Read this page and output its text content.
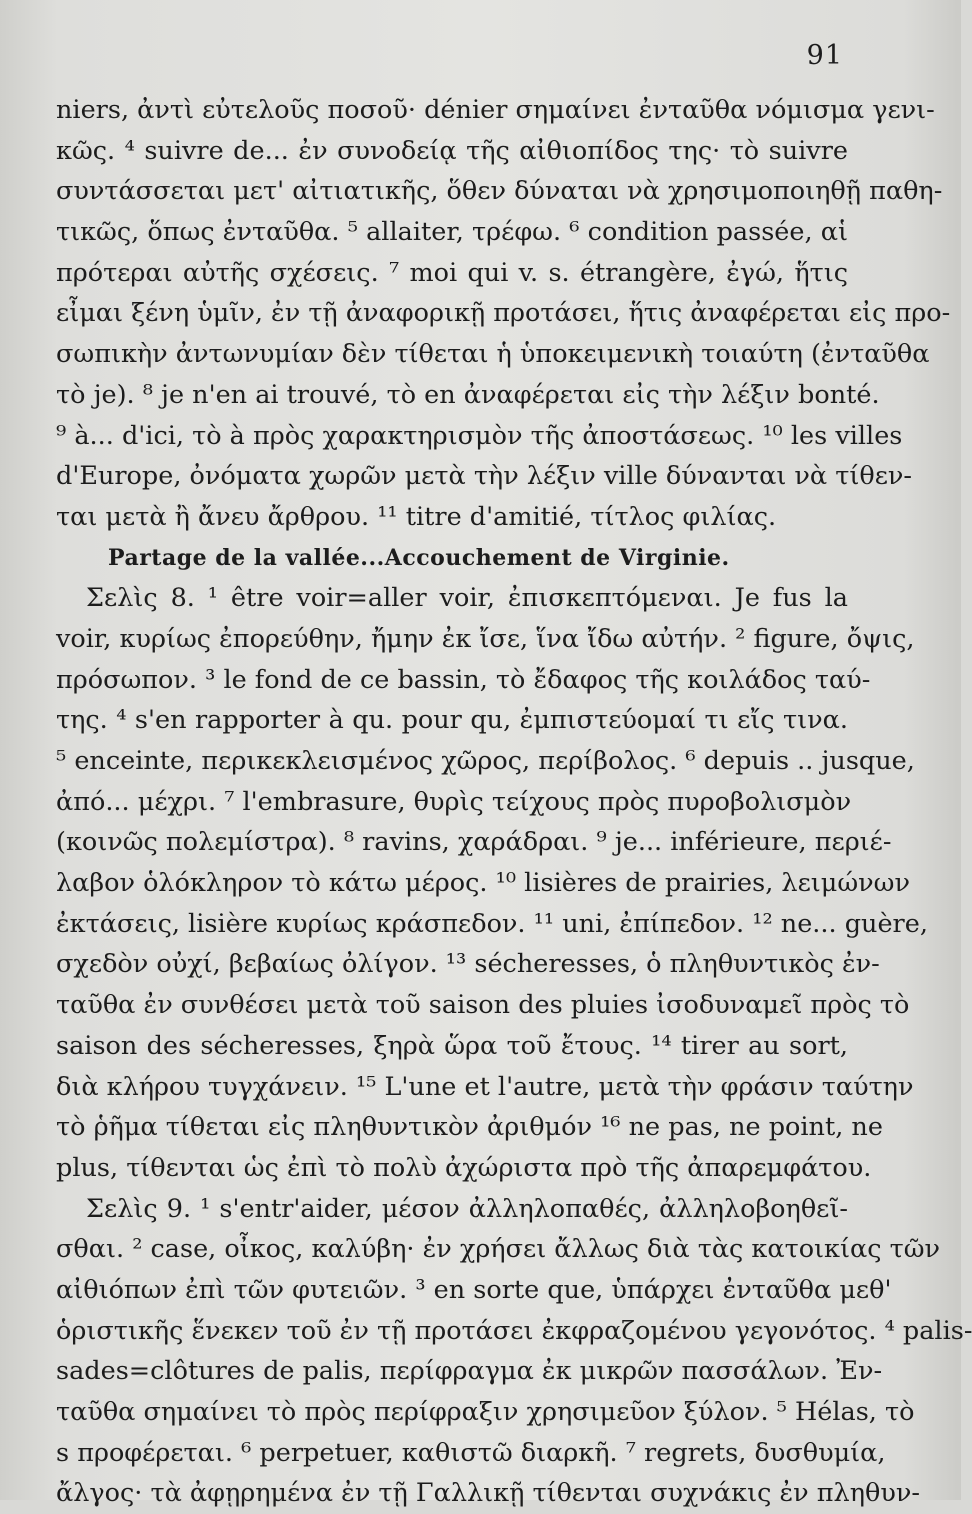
91
niers, ἀντὶ εὐτελοῦς ποσοῦ· dénier σημαίνει ἐνταῦθα νόμισμα γενι-
κῶς. ⁴ suivre de... ἐν συνοδείᾳ τῆς αἰθιοπίδος της· τὸ suivre
συντάσσεται μετ' αἰτιατικῆς, ὅθεν δύναται νὰ χρησιμοποιηθῇ παθη-
τικῶς, ὅπως ἐνταῦθα. ⁵ allaiter, τρέφω. ⁶ condition passée, αἱ
πρότεραι αὐτῆς σχέσεις. ⁷ moi qui v. s. étrangère, ἐγώ, ἥτις
εἶμαι ξένη ὑμῖν, ἐν τῇ ἀναφορικῇ προτάσει, ἥτις ἀναφέρεται εἰς προ-
σωπικὴν ἀντωνυμίαν δὲν τίθεται ἡ ὑποκειμενικὴ τοιαύτη (ἐνταῦθα
τὸ je). ⁸ je n'en ai trouvé, τὸ en ἀναφέρεται εἰς τὴν λέξιν bonté.
⁹ à... d'ici, τὸ à πρὸς χαρακτηρισμὸν τῆς ἀποστάσεως. ¹⁰ les villes
d'Europe, ὀνόματα χωρῶν μετὰ τὴν λέξιν ville δύνανται νὰ τίθεν-
ται μετὰ ἢ ἄνευ ἄρθρου. ¹¹ titre d'amitié, τίτλος φιλίας.
Partage de la vallée...Accouchement de Virginie.
Σελὶς 8. ¹ être voir=aller voir, ἐπισκεπτόμεναι. Je fus la
voir, κυρίως ἐπορεύθην, ἤμην ἐκ ἴσε, ἵνα ἴδω αὐτήν. ² figure, ὄψις,
πρόσωπον. ³ le fond de ce bassin, τὸ ἔδαφος τῆς κοιλάδος ταύ-
της. ⁴ s'en rapporter à qu. pour qu, ἐμπιστεύομαί τι εἴς τινα.
⁵ enceinte, περικεκλεισμένος χῶρος, περίβολος. ⁶ depuis .. jusque,
ἀπό... μέχρι. ⁷ l'embrasure, θυρὶς τείχους πρὸς πυροβολισμὸν
(κοινῶς πολεμίστρα). ⁸ ravins, χαράδραι. ⁹ je... inférieure, περιέ-
λαβον ὁλόκληρον τὸ κάτω μέρος. ¹⁰ lisières de prairies, λειμώνων
ἐκτάσεις, lisière κυρίως κράσπεδον. ¹¹ uni, ἐπίπεδον. ¹² ne... guère,
σχεδὸν οὐχί, βεβαίως ὀλίγον. ¹³ sécheresses, ὁ πληθυντικὸς ἐν-
ταῦθα ἐν συνθέσει μετὰ τοῦ saison des pluies ἰσοδυναμεῖ πρὸς τὸ
saison des sécheresses, ξηρὰ ὥρα τοῦ ἔτους. ¹⁴ tirer au sort,
διὰ κλήρου τυγχάνειν. ¹⁵ L'une et l'autre, μετὰ τὴν φράσιν ταύτην
τὸ ῥῆμα τίθεται εἰς πληθυντικὸν ἀριθμόν ¹⁶ ne pas, ne point, ne
plus, τίθενται ὡς ἐπὶ τὸ πολὺ ἀχώριστα πρὸ τῆς ἀπαρεμφάτου.
Σελὶς 9. ¹ s'entr'aider, μέσον ἀλληλοπαθές, ἀλληλοβοηθεῖ-
σθαι. ² case, οἶκος, καλύβη· ἐν χρήσει ἄλλως διὰ τὰς κατοικίας τῶν
αἰθιόπων ἐπὶ τῶν φυτειῶν. ³ en sorte que, ὑπάρχει ἐνταῦθα μεθ'
ὁριστικῆς ἕνεκεν τοῦ ἐν τῇ προτάσει ἐκφραζομένου γεγονότος. ⁴ palis-
sades=clôtures de palis, περίφραγμα ἐκ μικρῶν πασσάλων. Ἐν-
ταῦθα σημαίνει τὸ πρὸς περίφραξιν χρησιμεῦον ξύλον. ⁵ Hélas, τὸ
s προφέρεται. ⁶ perpetuer, καθιστῶ διαρκῆ. ⁷ regrets, δυσθυμία,
ἄλγος· τὰ ἀφῃρημένα ἐν τῇ Γαλλικῇ τίθενται συχνάκις ἐν πληθυν-
